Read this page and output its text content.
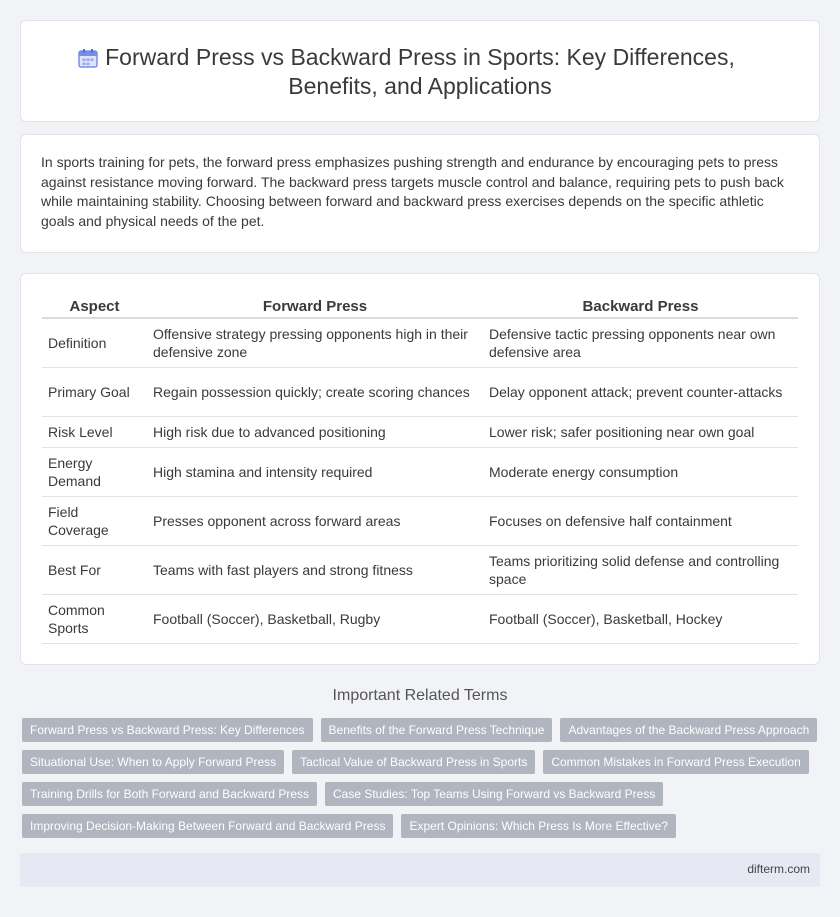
Forward Press vs Backward Press in Sports: Key Differences, Benefits, and Applications

In sports training for pets, the forward press emphasizes pushing strength and endurance by encouraging pets to press against resistance moving forward. The backward press targets muscle control and balance, requiring pets to push back while maintaining stability. Choosing between forward and backward press exercises depends on the specific athletic goals and physical needs of the pet.

Aspect	Forward Press	Backward Press
Definition	Offensive strategy pressing opponents high in their defensive zone	Defensive tactic pressing opponents near own defensive area
Primary Goal	Regain possession quickly; create scoring chances	Delay opponent attack; prevent counter-attacks
Risk Level	High risk due to advanced positioning	Lower risk; safer positioning near own goal
Energy Demand	High stamina and intensity required	Moderate energy consumption
Field Coverage	Presses opponent across forward areas	Focuses on defensive half containment
Best For	Teams with fast players and strong fitness	Teams prioritizing solid defense and controlling space
Common Sports	Football (Soccer), Basketball, Rugby	Football (Soccer), Basketball, Hockey
Important Related Terms
Forward Press vs Backward Press: Key Differences	Benefits of the Forward Press Technique	Advantages of the Backward Press Approach
Situational Use: When to Apply Forward Press	Tactical Value of Backward Press in Sports	Common Mistakes in Forward Press Execution
Training Drills for Both Forward and Backward Press	Case Studies: Top Teams Using Forward vs Backward Press
Improving Decision-Making Between Forward and Backward Press	Expert Opinions: Which Press Is More Effective?
difterm.com
